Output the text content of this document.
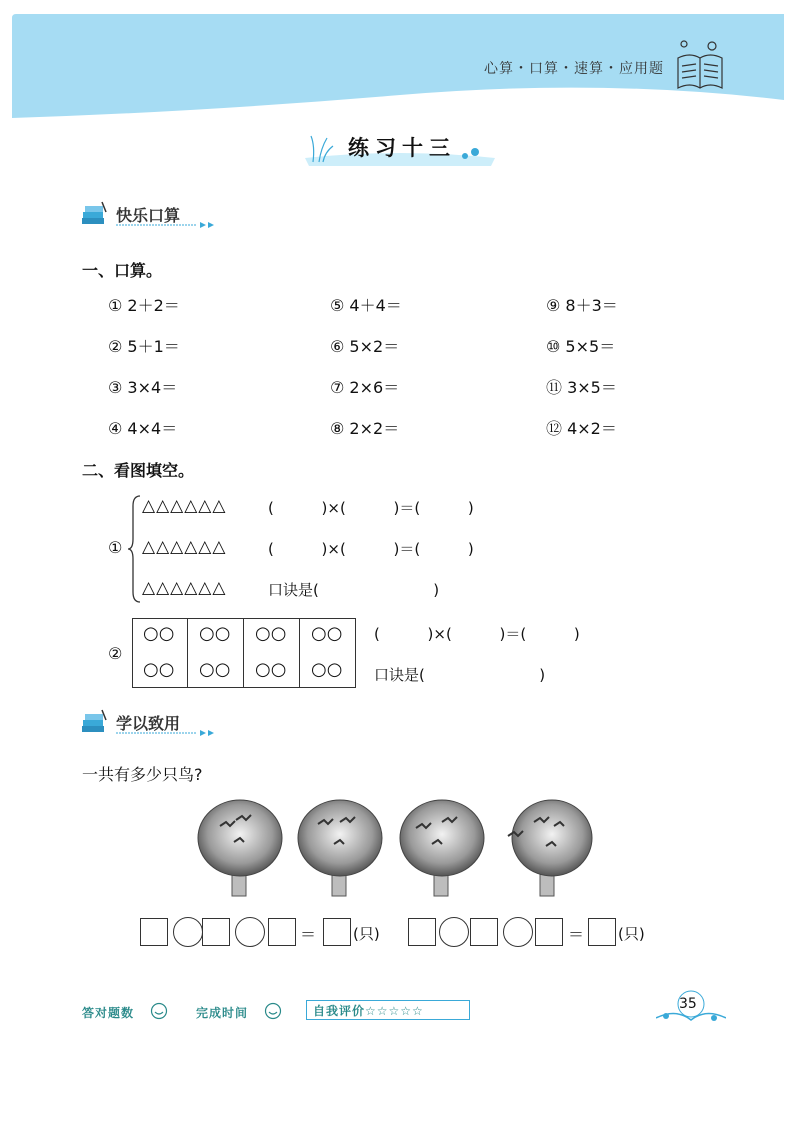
心算・口算・速算・应用题
练习十三
快乐口算
一、口算。
① 2＋2＝	⑤ 4＋4＝	⑨ 8＋3＝
② 5＋1＝	⑥ 5×2＝	⑩ 5×5＝
③ 3×4＝	⑦ 2×6＝	⑪ 3×5＝
④ 4×4＝	⑧ 2×2＝	⑫ 4×2＝
二、看图填空。
①
△△△△△△
△△△△△△
△△△△△△
(          )×(          )＝(          )
(          )×(          )＝(          )
口诀是(                        )
②
○○ ○○ ○○ ○○
○○ ○○ ○○ ○○
(          )×(          )＝(          )
口诀是(                        )
学以致用
一共有多少只鸟?
＝ (只)	＝ (只)
答对题数	完成时间	自我评价☆☆☆☆☆	35
